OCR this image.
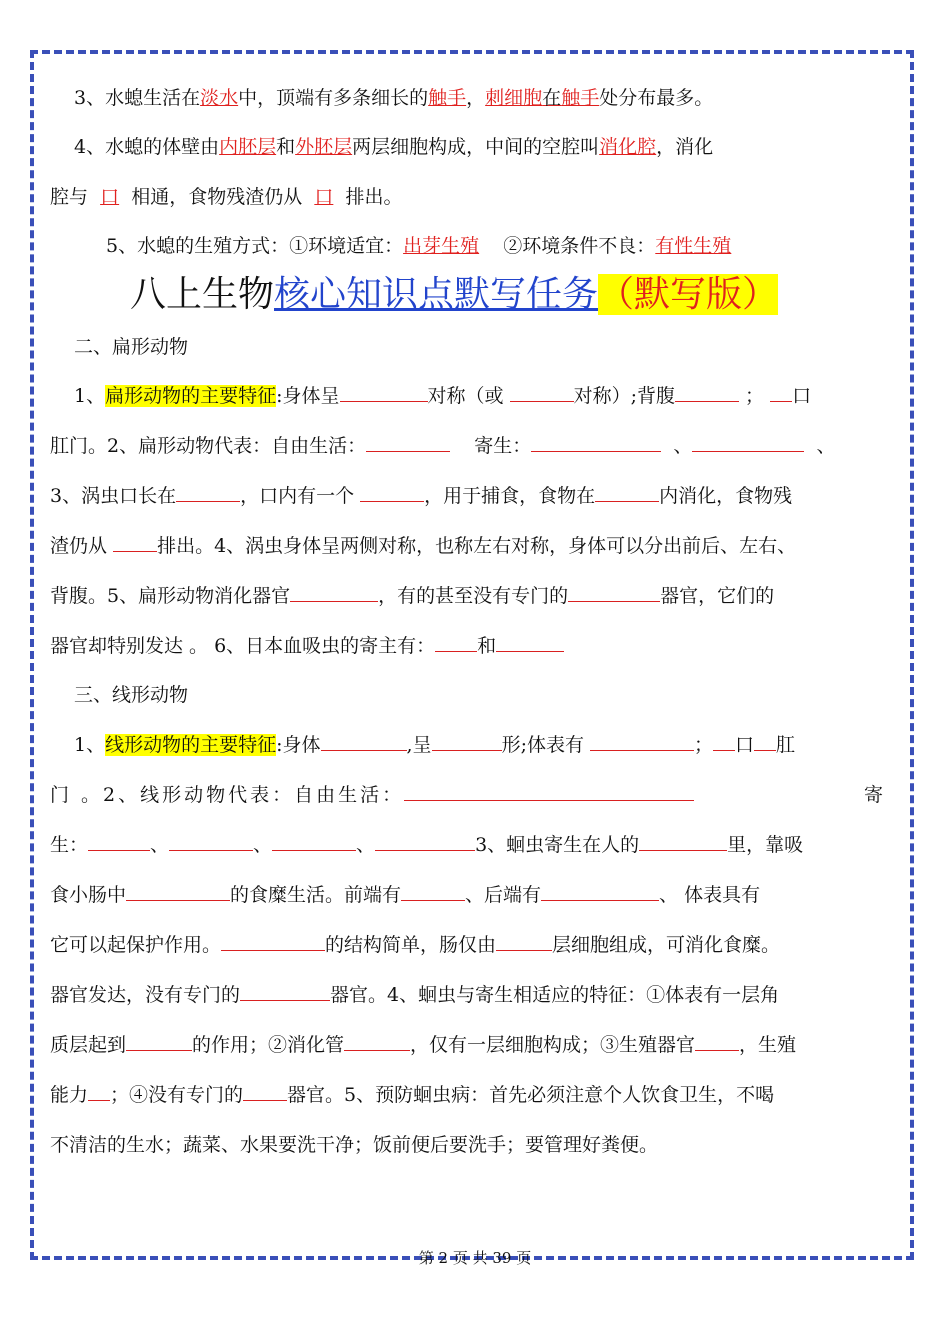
3、水螅生活在淡水中，顶端有多条细长的触手，刺细胞在触手处分布最多。
4、水螅的体壁由内胚层和外胚层两层细胞构成，中间的空腔叫消化腔，消化
腔与 口 相通，食物残渣仍从 口 排出。
5、水螅的生殖方式：①环境适宜：出芽生殖 ②环境条件不良：有性生殖
八上生物核心知识点默写任务（默写版）
二、扁形动物
1、扁形动物的主要特征:身体呈	对称（或	对称）;背腹	； 口
肛门。2、扁形动物代表：自由生活：	寄生：	、	、
3、涡虫口长在	，口内有一个	，用于捕食，食物在	内消化，食物残
渣仍从	排出。4、涡虫身体呈两侧对称，也称左右对称，身体可以分出前后、左右、
背腹。5、扁形动物消化器官	，有的甚至没有专门的	器官，它们的
器官却特别发达 。 6、日本血吸虫的寄主有： 和
三、线形动物
1、线形动物的主要特征:身体	,呈	形;体表有	； 口 肛
门 。2、线形动物代表：自由生活：	寄
生：	、	、	、	3、蛔虫寄生在人的	里，靠吸
食小肠中	的食糜生活。前端有	、后端有	、 体表具有
它可以起保护作用。	的结构简单，肠仅由	层细胞组成，可消化食糜。
器官发达，没有专门的	器官。4、蛔虫与寄生相适应的特征：①体表有一层角
质层起到	的作用；②消化管	，仅有一层细胞构成；③生殖器官 ，生殖
能力 ；④没有专门的 器官。5、预防蛔虫病：首先必须注意个人饮食卫生，不喝
不清洁的生水；蔬菜、水果要洗干净；饭前便后要洗手；要管理好粪便。
第 2 页 共 39 页
